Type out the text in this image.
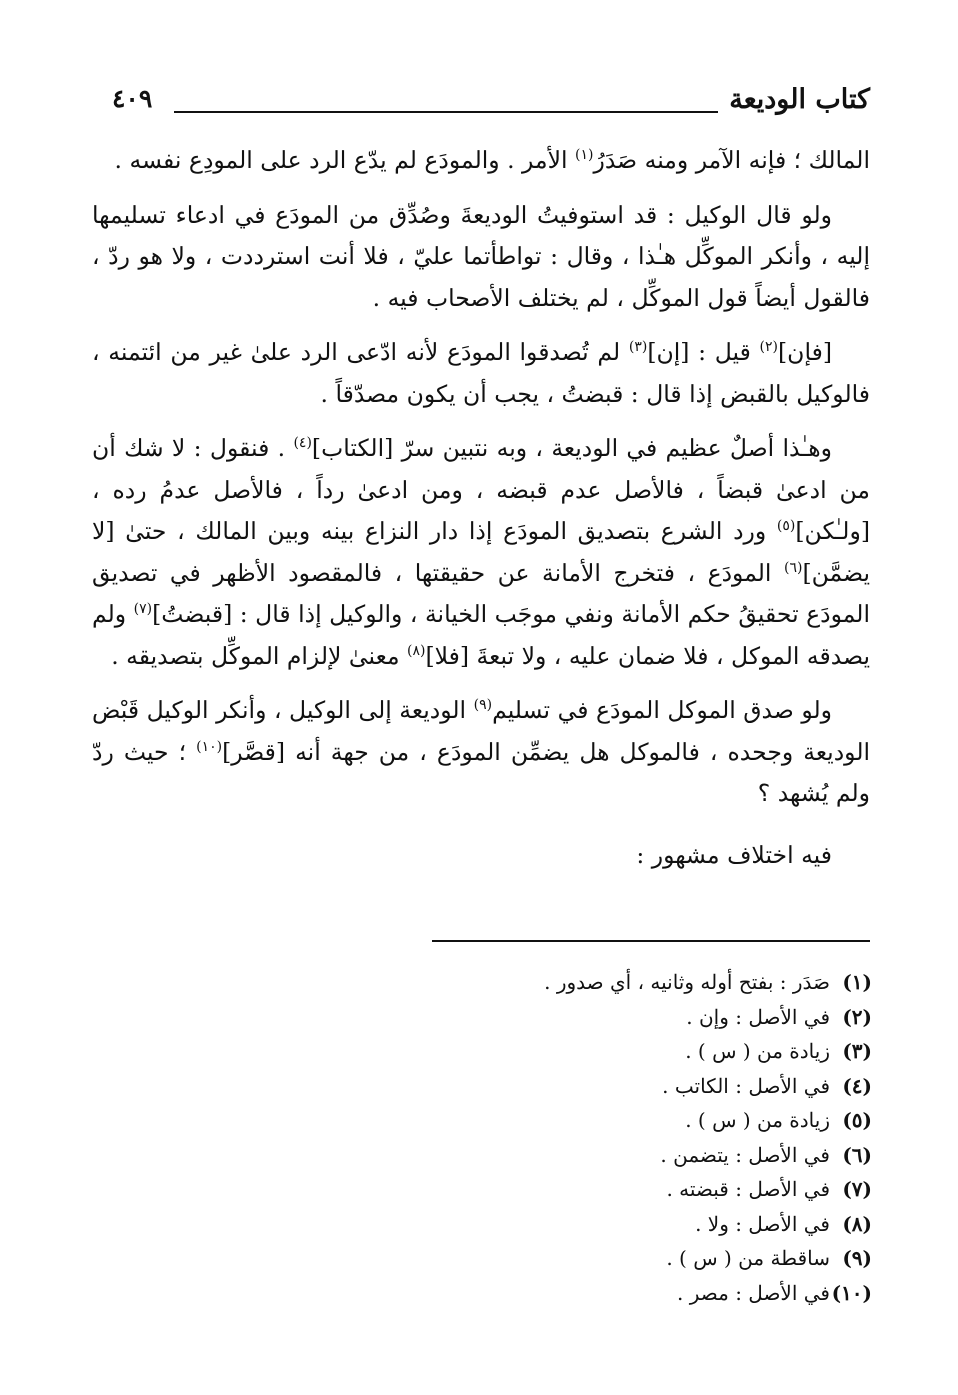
كتاب الوديعة
٤٠٩

المالك ؛ فإنه الآمر ومنه صَدَرُ$^{(١)}$ الأمر . والمودَع لم يدّع الرد على المودِع نفسه .

ولو قال الوكيل : قد استوفيتُ الوديعةَ وصُدِّق من المودَع في ادعاء تسليمها إليه ، وأنكر الموكِّل هـٰذا ، وقال : تواطأتما عليّ ، فلا أنت استرددت ، ولا هو ردّ ، فالقول أيضاً قول الموكِّل ، لم يختلف الأصحاب فيه .

[فإن]$^{(٢)}$ قيل : [إن]$^{(٣)}$ لم تُصدقوا المودَع لأنه ادّعى الرد علىٰ غير من ائتمنه ، فالوكيل بالقبض إذا قال : قبضتُ ، يجب أن يكون مصدّقاً .

وهـٰذا أصلٌ عظيم في الوديعة ، وبه نتبين سرّ [الكتاب]$^{(٤)}$ . فنقول : لا شك أن من ادعىٰ قبضاً ، فالأصل عدم قبضه ، ومن ادعىٰ رداً ، فالأصل عدمُ رده ، [ولـٰكن]$^{(٥)}$ ورد الشرع بتصديق المودَع إذا دار النزاع بينه وبين المالك ، حتىٰ [لا يضمَّن]$^{(٦)}$ المودَع ، فتخرج الأمانة عن حقيقتها ، فالمقصود الأظهر في تصديق المودَع تحقيقُ حكم الأمانة ونفي موجَب الخيانة ، والوكيل إذا قال : [قبضتُ]$^{(٧)}$ ولم يصدقه الموكل ، فلا ضمان عليه ، ولا تبعةَ [فلا]$^{(٨)}$ معنىٰ لإلزام الموكِّل بتصديقه .

ولو صدق الموكل المودَع في تسليم$^{(٩)}$ الوديعة إلى الوكيل ، وأنكر الوكيل قَبْض الوديعة وجحده ، فالموكل هل يضمِّن المودَع ، من جهة أنه [قصَّر]$^{(١٠)}$ ؛ حيث ردّ ولم يُشهد ؟

فيه اختلاف مشهور :

(١)صَدَر : بفتح أوله وثانيه ، أي صدور .
(٢)في الأصل : وإن .
(٣)زيادة من ( س ) .
(٤)في الأصل : الكاتب .
(٥)زيادة من ( س ) .
(٦)في الأصل : يتضمن .
(٧)في الأصل : قبضته .
(٨)في الأصل : ولا .
(٩)ساقطة من ( س ) .
(١٠)في الأصل : مصر .
